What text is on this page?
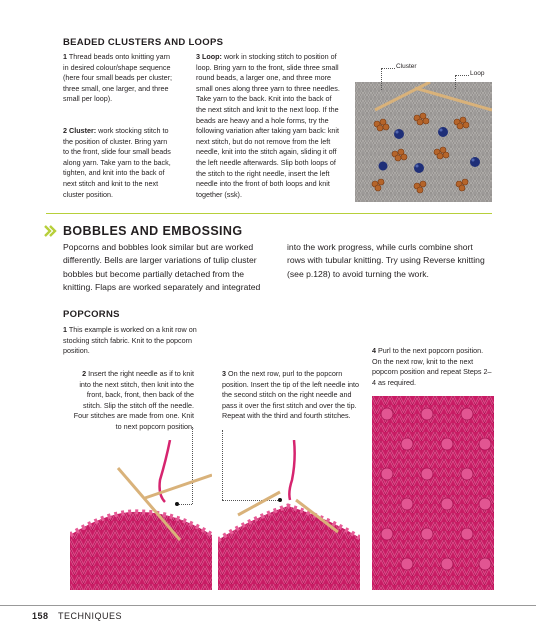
BEADED CLUSTERS AND LOOPS
1 Thread beads onto knitting yarn in desired colour/shape sequence (here four small beads per cluster; three small, one larger, and three small per loop).
2 Cluster: work stocking stitch to the position of cluster. Bring yarn to the front, slide four small beads along yarn. Take yarn to the back, tighten, and knit into the back of next stitch and knit to the next cluster position.
3 Loop: work in stocking stitch to position of loop. Bring yarn to the front, slide three small round beads, a larger one, and three more small ones along three yarn to three needles. Take yarn to the back. Knit into the back of the next stitch and knit to the next loop. If the beads are heavy and a hole forms, try the following variation after taking yarn back: knit next stitch, but do not remove from the left needle, knit into the stitch again, sliding it off the left needle afterwards. Slip both loops of the stitch to the right needle, insert the left needle into the front of both loops and knit together (ssk).
Cluster
Loop
BOBBLES AND EMBOSSING
Popcorns and bobbles look similar but are worked differently. Bells are larger variations of tulip cluster bobbles but become partially detached from the knitting. Flaps are worked separately and integrated
into the work progress, while curls combine short rows with tubular knitting. Try using Reverse knitting (see p.128) to avoid turning the work.
POPCORNS
1 This example is worked on a knit row on stocking stitch fabric. Knit to the popcorn position.
2 Insert the right needle as if to knit into the next stitch, then knit into the front, back, front, then back of the stitch. Slip the stitch off the needle. Four stitches are made from one. Knit to next popcorn position.
3 On the next row, purl to the popcorn position. Insert the tip of the left needle into the second stitch on the right needle and pass it over the first stitch and over the tip. Repeat with the third and fourth stitches.
4 Purl to the next popcorn position. On the next row, knit to the next popcorn position and repeat Steps 2–4 as required.
158 TECHNIQUES
